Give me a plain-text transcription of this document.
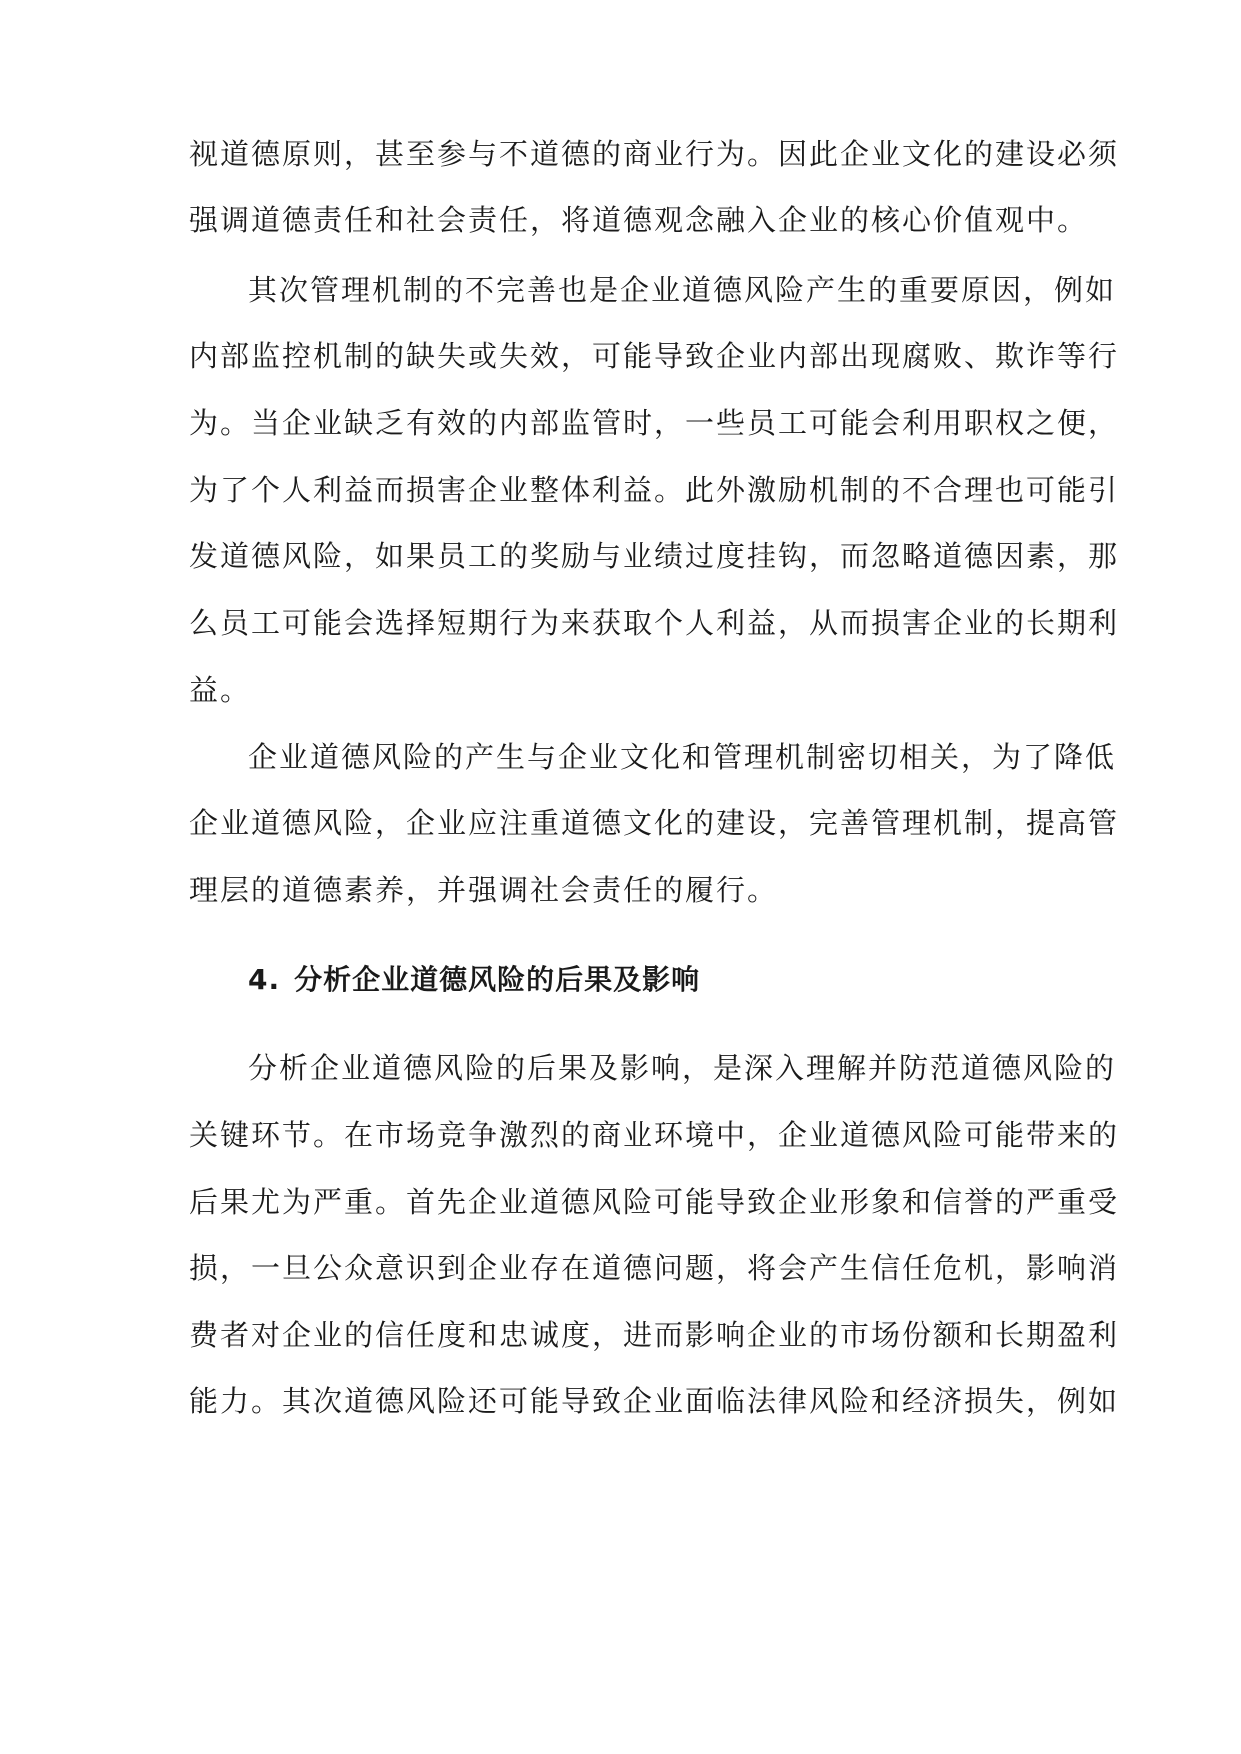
视道德原则，甚至参与不道德的商业行为。因此企业文化的建设必须
强调道德责任和社会责任，将道德观念融入企业的核心价值观中。
其次管理机制的不完善也是企业道德风险产生的重要原因，例如
内部监控机制的缺失或失效，可能导致企业内部出现腐败、欺诈等行
为。当企业缺乏有效的内部监管时，一些员工可能会利用职权之便，
为了个人利益而损害企业整体利益。此外激励机制的不合理也可能引
发道德风险，如果员工的奖励与业绩过度挂钩，而忽略道德因素，那
么员工可能会选择短期行为来获取个人利益，从而损害企业的长期利
益。
企业道德风险的产生与企业文化和管理机制密切相关，为了降低
企业道德风险，企业应注重道德文化的建设，完善管理机制，提高管
理层的道德素养，并强调社会责任的履行。
4. 分析企业道德风险的后果及影响
分析企业道德风险的后果及影响，是深入理解并防范道德风险的
关键环节。在市场竞争激烈的商业环境中，企业道德风险可能带来的
后果尤为严重。首先企业道德风险可能导致企业形象和信誉的严重受
损，一旦公众意识到企业存在道德问题，将会产生信任危机，影响消
费者对企业的信任度和忠诚度，进而影响企业的市场份额和长期盈利
能力。其次道德风险还可能导致企业面临法律风险和经济损失，例如
